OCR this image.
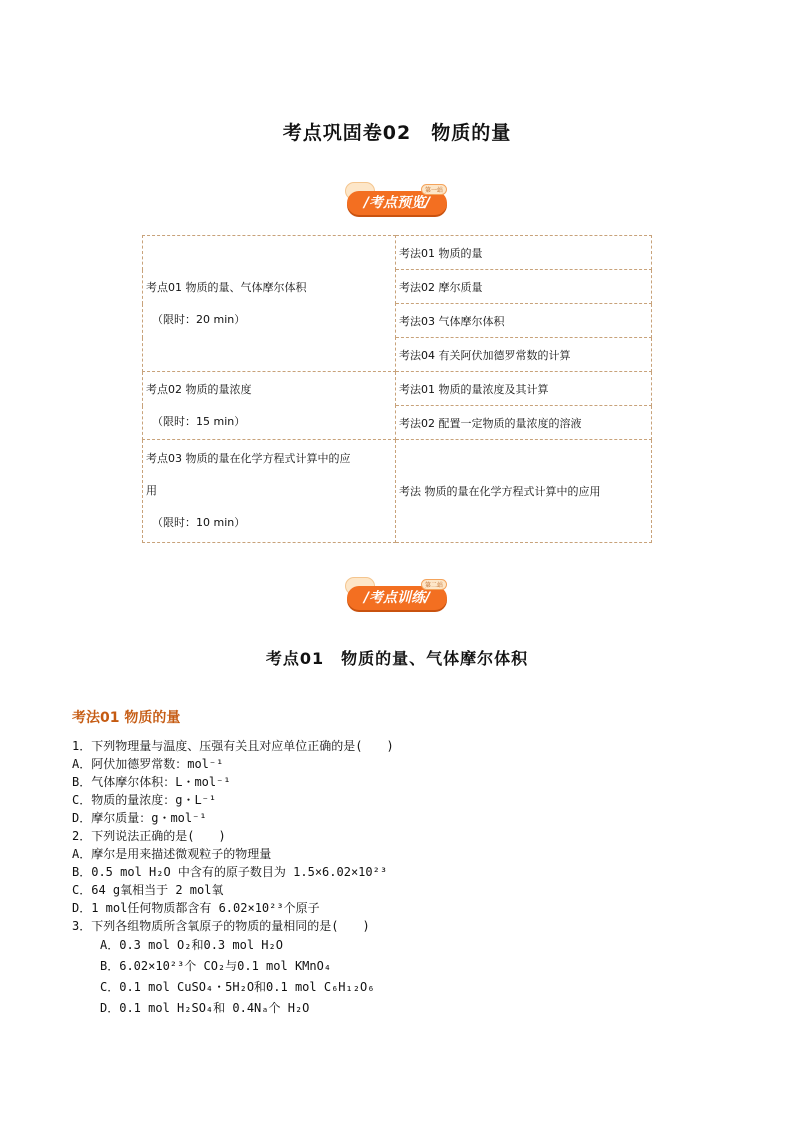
考点巩固卷02　物质的量
/考点预览/
第一站
考点01 物质的量、气体摩尔体积
（限时：20 min）	考法01 物质的量
	考法02 摩尔质量
	考法03 气体摩尔体积
	考法04 有关阿伏加德罗常数的计算

考点02 物质的量浓度
（限时：15 min）	考法01 物质的量浓度及其计算
	考法02 配置一定物质的量浓度的溶液

考点03 物质的量在化学方程式计算中的应
用
（限时：10 min）	考法 物质的量在化学方程式计算中的应用
/考点训练/
第二站
考点01　物质的量、气体摩尔体积
考法01 物质的量
1．下列物理量与温度、压强有关且对应单位正确的是(　　)
A．阿伏加德罗常数：mol⁻¹
B．气体摩尔体积：L・mol⁻¹
C．物质的量浓度：g・L⁻¹
D．摩尔质量：g・mol⁻¹
2．下列说法正确的是(　　)
A．摩尔是用来描述微观粒子的物理量
B．0.5 mol H₂O 中含有的原子数目为 1.5×6.02×10²³
C．64 g氧相当于 2 mol氧
D．1 mol任何物质都含有 6.02×10²³个原子
3．下列各组物质所含氧原子的物质的量相同的是(　　)
A．0.3 mol O₂和0.3 mol H₂O
B．6.02×10²³个 CO₂与0.1 mol KMnO₄
C．0.1 mol CuSO₄・5H₂O和0.1 mol C₆H₁₂O₆
D．0.1 mol H₂SO₄和 0.4Nₐ个 H₂O
